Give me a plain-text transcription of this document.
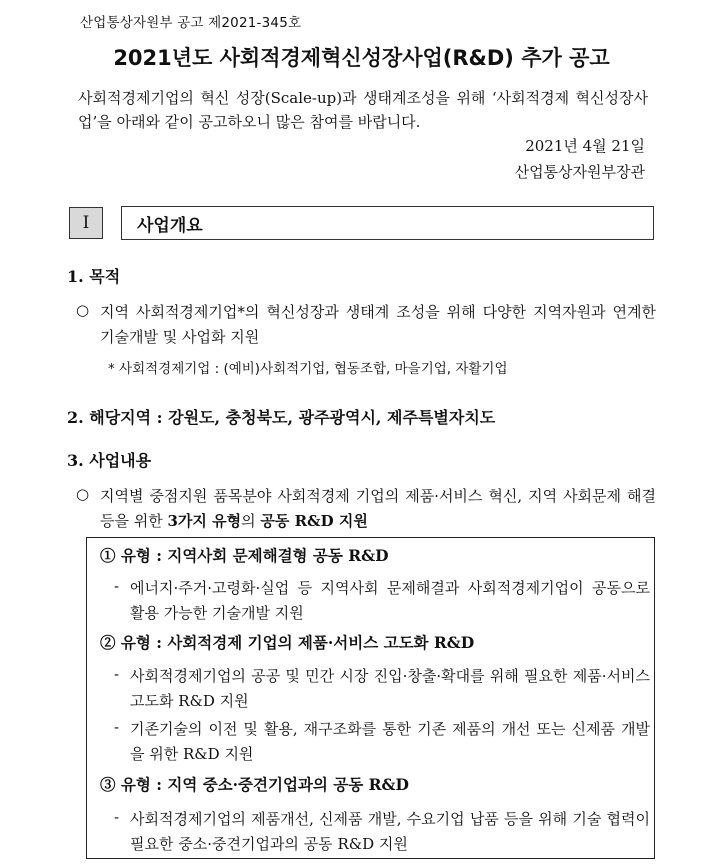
산업통상자원부 공고 제2021-345호
2021년도 사회적경제혁신성장사업(R&D) 추가 공고
사회적경제기업의 혁신 성장(Scale-up)과 생태계조성을 위해 ‘사회적경제 혁신성장사업’을 아래와 같이 공고하오니 많은 참여를 바랍니다.
2021년 4월 21일
산업통상자원부장관
I	사업개요
1. 목적
○ 지역 사회적경제기업*의 혁신성장과 생태계 조성을 위해 다양한 지역자원과 연계한 기술개발 및 사업화 지원
* 사회적경제기업 : (예비)사회적기업, 협동조합, 마을기업, 자활기업
2. 해당지역 : 강원도, 충청북도, 광주광역시, 제주특별자치도
3. 사업내용
○ 지역별 중점지원 품목분야 사회적경제 기업의 제품·서비스 혁신, 지역 사회문제 해결 등을 위한 3가지 유형의 공동 R&D 지원
① 유형 : 지역사회 문제해결형 공동 R&D
- 에너지·주거·고령화·실업 등 지역사회 문제해결과 사회적경제기업이 공동으로 활용 가능한 기술개발 지원
② 유형 : 사회적경제 기업의 제품·서비스 고도화 R&D
- 사회적경제기업의 공공 및 민간 시장 진입·창출·확대를 위해 필요한 제품·서비스 고도화 R&D 지원
- 기존기술의 이전 및 활용, 재구조화를 통한 기존 제품의 개선 또는 신제품 개발을 위한 R&D 지원
③ 유형 : 지역 중소·중견기업과의 공동 R&D
- 사회적경제기업의 제품개선, 신제품 개발, 수요기업 납품 등을 위해 기술 협력이 필요한 중소·중견기업과의 공동 R&D 지원
